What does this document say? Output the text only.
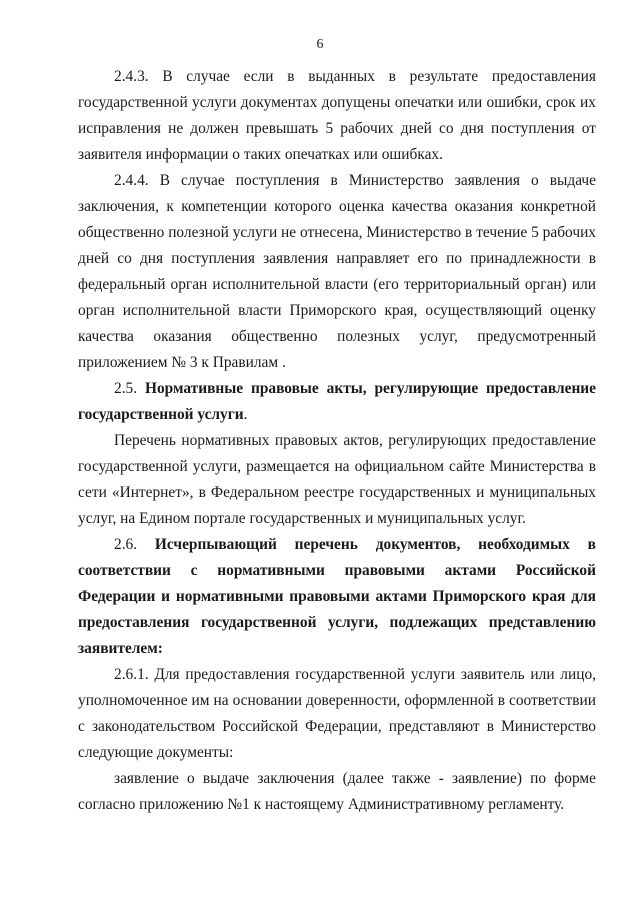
6

2.4.3. В случае если в выданных в результате предоставления государственной услуги документах допущены опечатки или ошибки, срок их исправления не должен превышать 5 рабочих дней со дня поступления от заявителя информации о таких опечатках или ошибках.

2.4.4. В случае поступления в Министерство заявления о выдаче заключения, к компетенции которого оценка качества оказания конкретной общественно полезной услуги не отнесена, Министерство в течение 5 рабочих дней со дня поступления заявления направляет его по принадлежности в федеральный орган исполнительной власти (его территориальный орган) или орган исполнительной власти Приморского края, осуществляющий оценку качества оказания общественно полезных услуг, предусмотренный приложением № 3 к Правилам .

2.5. Нормативные правовые акты, регулирующие предоставление государственной услуги.

Перечень нормативных правовых актов, регулирующих предоставление государственной услуги, размещается на официальном сайте Министерства в сети «Интернет», в Федеральном реестре государственных и муниципальных услуг, на Едином портале государственных и муниципальных услуг.

2.6. Исчерпывающий перечень документов, необходимых в соответствии с нормативными правовыми актами Российской Федерации и нормативными правовыми актами Приморского края для предоставления государственной услуги, подлежащих представлению заявителем:

2.6.1. Для предоставления государственной услуги заявитель или лицо, уполномоченное им на основании доверенности, оформленной в соответствии с законодательством Российской Федерации, представляют в Министерство следующие документы:

заявление о выдаче заключения (далее также - заявление) по форме согласно приложению №1 к настоящему Административному регламенту.
